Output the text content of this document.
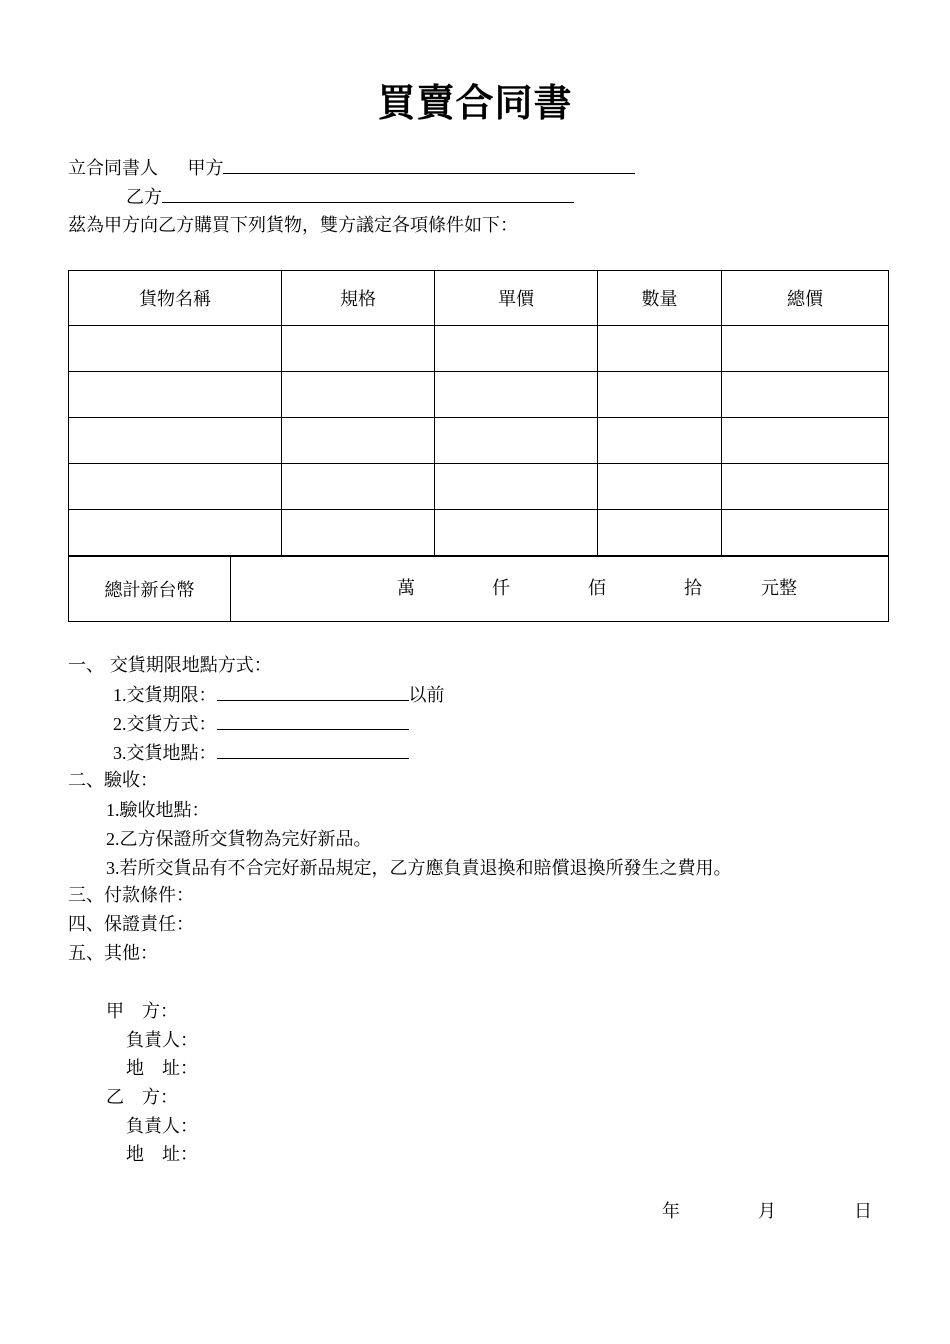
買賣合同書
立合同書人 甲方
乙方
茲為甲方向乙方購買下列貨物，雙方議定各項條件如下：
貨物名稱	規格	單價	數量	總價

總計新台幣	萬	仟	佰	拾	元整
一、 交貨期限地點方式：
1.交貨期限：	以前
2.交貨方式：
3.交貨地點：
二、驗收：
1.驗收地點：
2.乙方保證所交貨物為完好新品。
3.若所交貨品有不合完好新品規定，乙方應負責退換和賠償退換所發生之費用。
三、付款條件：
四、保證責任：
五、其他：
甲　方：
負責人：
地　址：
乙　方：
負責人：
地　址：
年	月	日
